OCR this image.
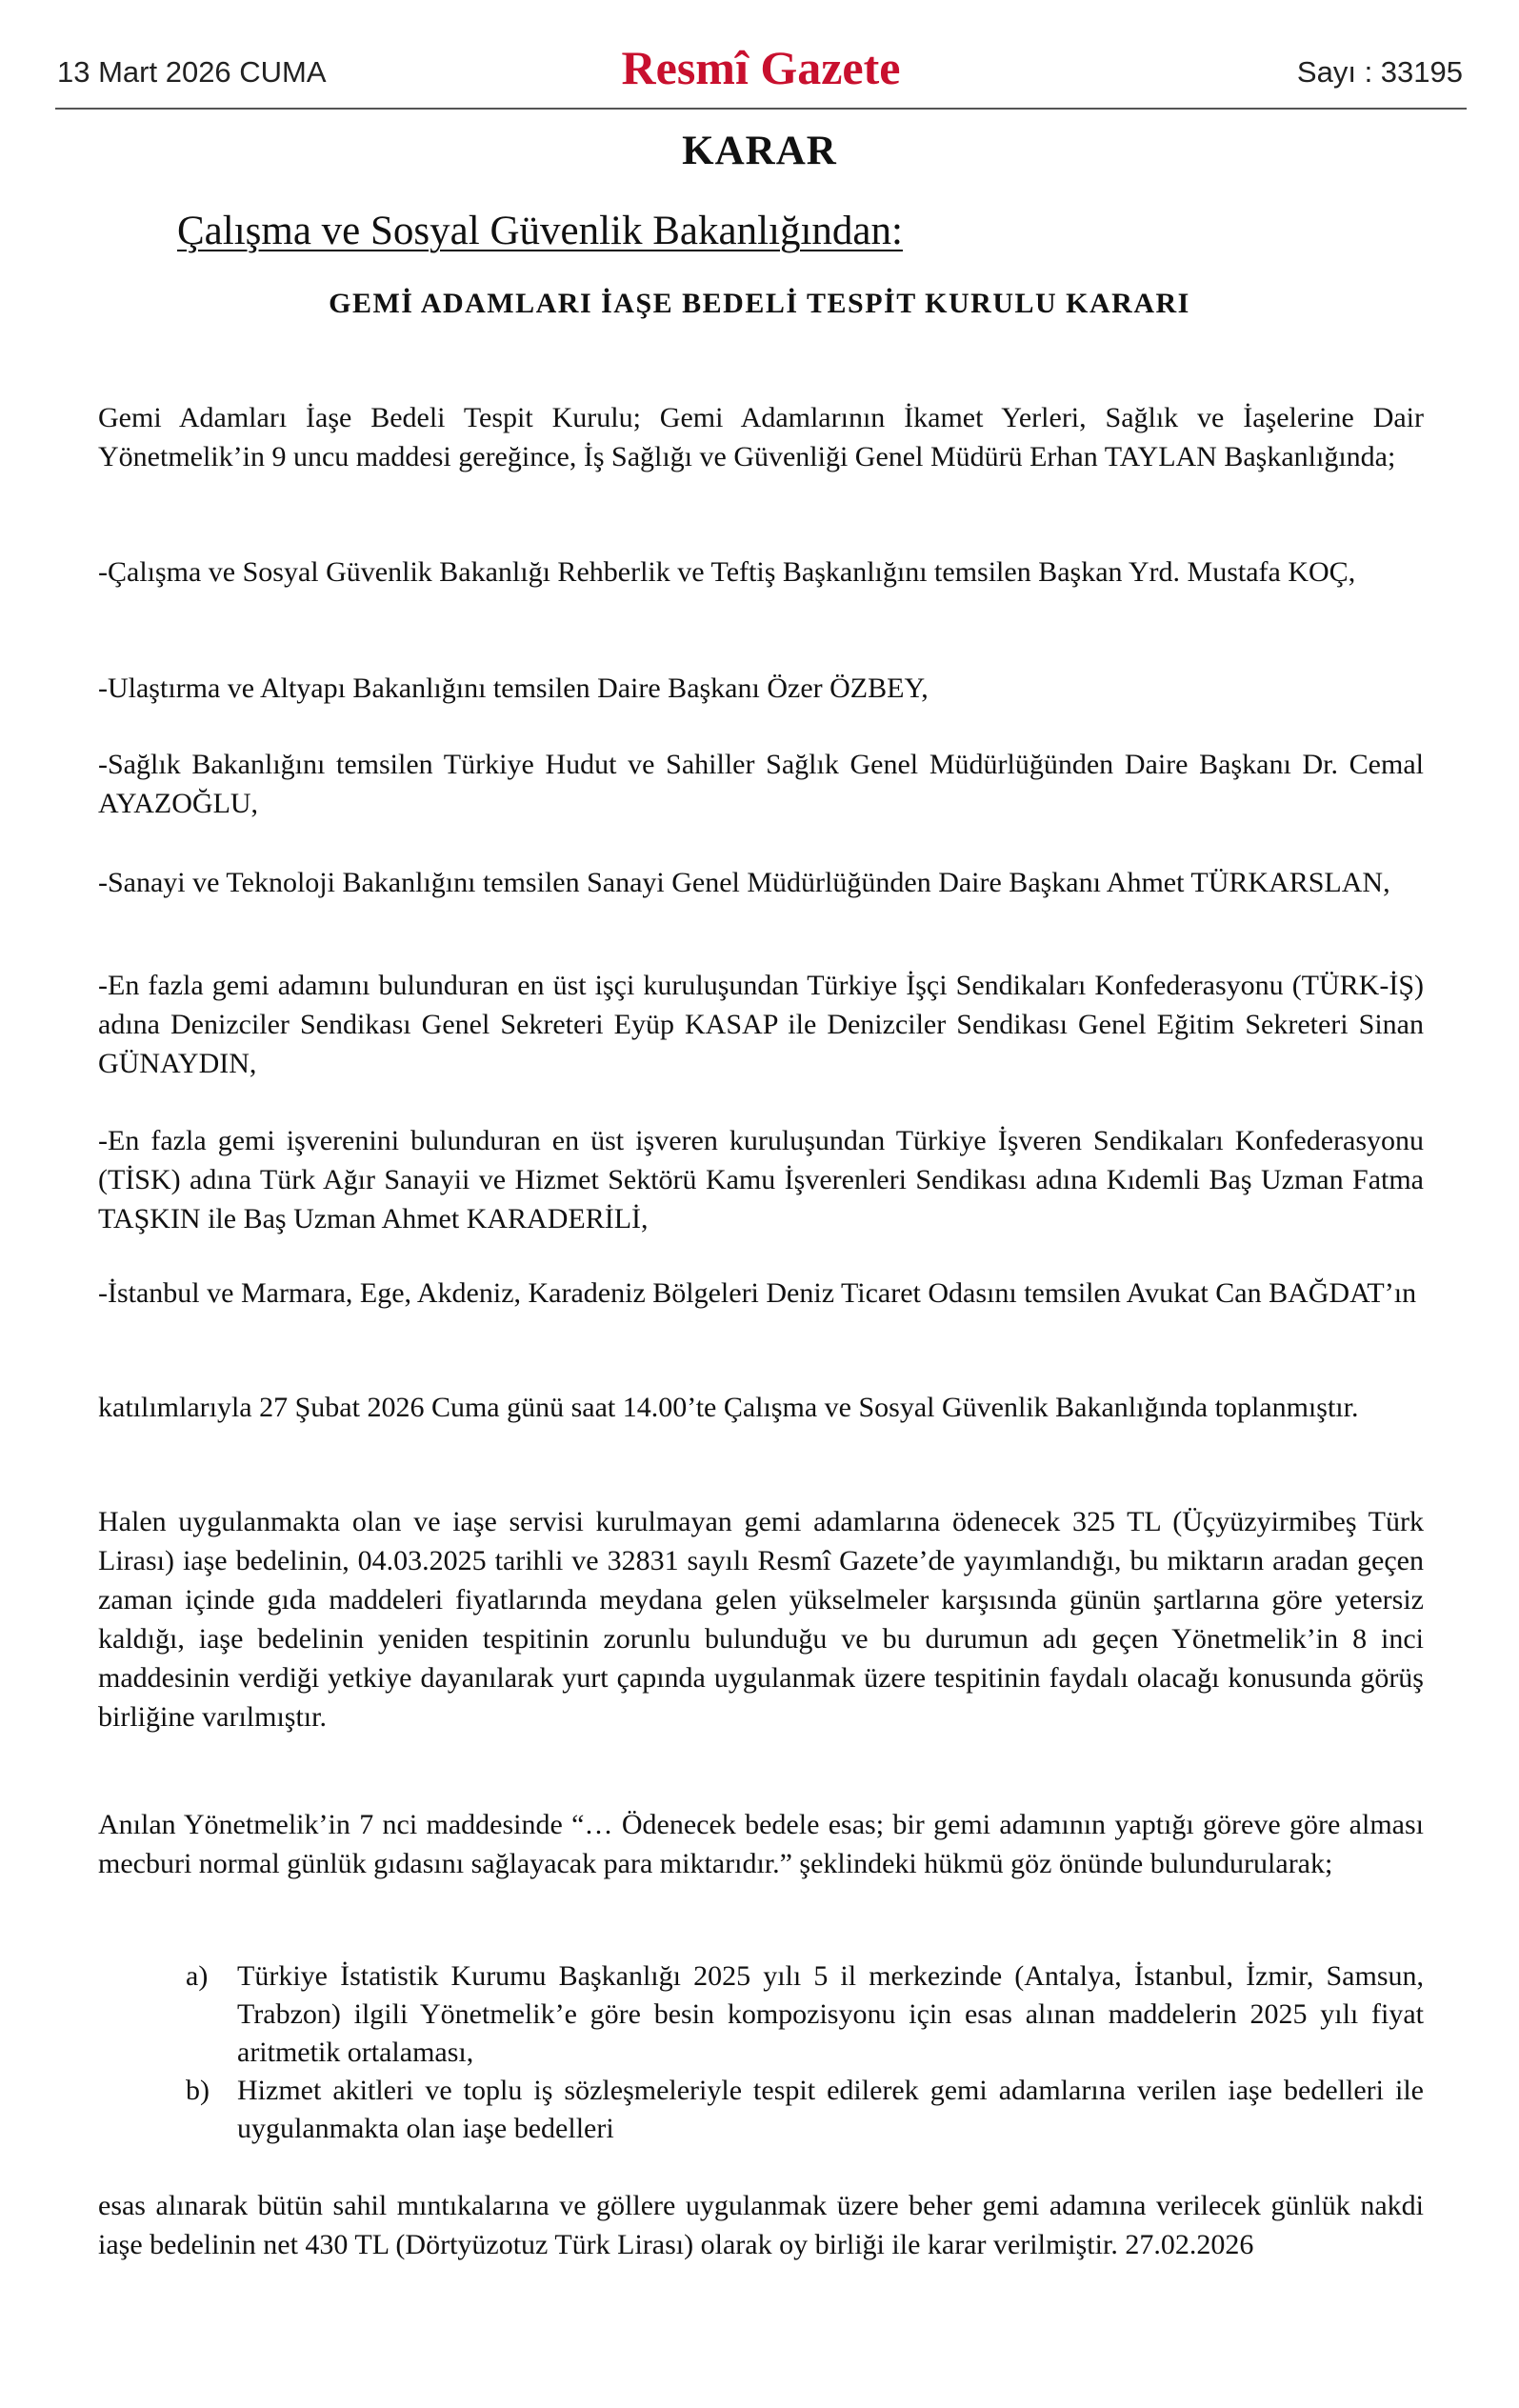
13 Mart 2026 CUMA	Resmî Gazete	Sayı : 33195
KARAR
Çalışma ve Sosyal Güvenlik Bakanlığından:
GEMİ ADAMLARI İAŞE BEDELİ TESPİT KURULU KARARI

Gemi Adamları İaşe Bedeli Tespit Kurulu; Gemi Adamlarının İkamet Yerleri, Sağlık ve İaşelerine Dair Yönetmelik’in 9 uncu maddesi gereğince, İş Sağlığı ve Güvenliği Genel Müdürü Erhan TAYLAN Başkanlığında;

-Çalışma ve Sosyal Güvenlik Bakanlığı Rehberlik ve Teftiş Başkanlığını temsilen Başkan Yrd. Mustafa KOÇ,

-Ulaştırma ve Altyapı Bakanlığını temsilen Daire Başkanı Özer ÖZBEY,

-Sağlık Bakanlığını temsilen Türkiye Hudut ve Sahiller Sağlık Genel Müdürlüğünden Daire Başkanı Dr. Cemal AYAZOĞLU,

-Sanayi ve Teknoloji Bakanlığını temsilen Sanayi Genel Müdürlüğünden Daire Başkanı Ahmet TÜRKARSLAN,

-En fazla gemi adamını bulunduran en üst işçi kuruluşundan Türkiye İşçi Sendikaları Konfederasyonu (TÜRK-İŞ) adına Denizciler Sendikası Genel Sekreteri Eyüp KASAP ile Denizciler Sendikası Genel Eğitim Sekreteri Sinan GÜNAYDIN,

-En fazla gemi işverenini bulunduran en üst işveren kuruluşundan Türkiye İşveren Sendikaları Konfederasyonu (TİSK) adına Türk Ağır Sanayii ve Hizmet Sektörü Kamu İşverenleri Sendikası adına Kıdemli Baş Uzman Fatma TAŞKIN ile Baş Uzman Ahmet KARADERİLİ,

-İstanbul ve Marmara, Ege, Akdeniz, Karadeniz Bölgeleri Deniz Ticaret Odasını temsilen Avukat Can BAĞDAT’ın

katılımlarıyla 27 Şubat 2026 Cuma günü saat 14.00’te Çalışma ve Sosyal Güvenlik Bakanlığında toplanmıştır.

Halen uygulanmakta olan ve iaşe servisi kurulmayan gemi adamlarına ödenecek 325 TL (Üçyüzyirmibeş Türk Lirası) iaşe bedelinin, 04.03.2025 tarihli ve 32831 sayılı Resmî Gazete’de yayımlandığı, bu miktarın aradan geçen zaman içinde gıda maddeleri fiyatlarında meydana gelen yükselmeler karşısında günün şartlarına göre yetersiz kaldığı, iaşe bedelinin yeniden tespitinin zorunlu bulunduğu ve bu durumun adı geçen Yönetmelik’in 8 inci maddesinin verdiği yetkiye dayanılarak yurt çapında uygulanmak üzere tespitinin faydalı olacağı konusunda görüş birliğine varılmıştır.

Anılan Yönetmelik’in 7 nci maddesinde “… Ödenecek bedele esas; bir gemi adamının yaptığı göreve göre alması mecburi normal günlük gıdasını sağlayacak para miktarıdır.” şeklindeki hükmü göz önünde bulundurularak;

a) Türkiye İstatistik Kurumu Başkanlığı 2025 yılı 5 il merkezinde (Antalya, İstanbul, İzmir, Samsun, Trabzon) ilgili Yönetmelik’e göre besin kompozisyonu için esas alınan maddelerin 2025 yılı fiyat aritmetik ortalaması,
b) Hizmet akitleri ve toplu iş sözleşmeleriyle tespit edilerek gemi adamlarına verilen iaşe bedelleri ile uygulanmakta olan iaşe bedelleri

esas alınarak bütün sahil mıntıkalarına ve göllere uygulanmak üzere beher gemi adamına verilecek günlük nakdi iaşe bedelinin net 430 TL (Dörtyüzotuz Türk Lirası) olarak oy birliği ile karar verilmiştir. 27.02.2026
